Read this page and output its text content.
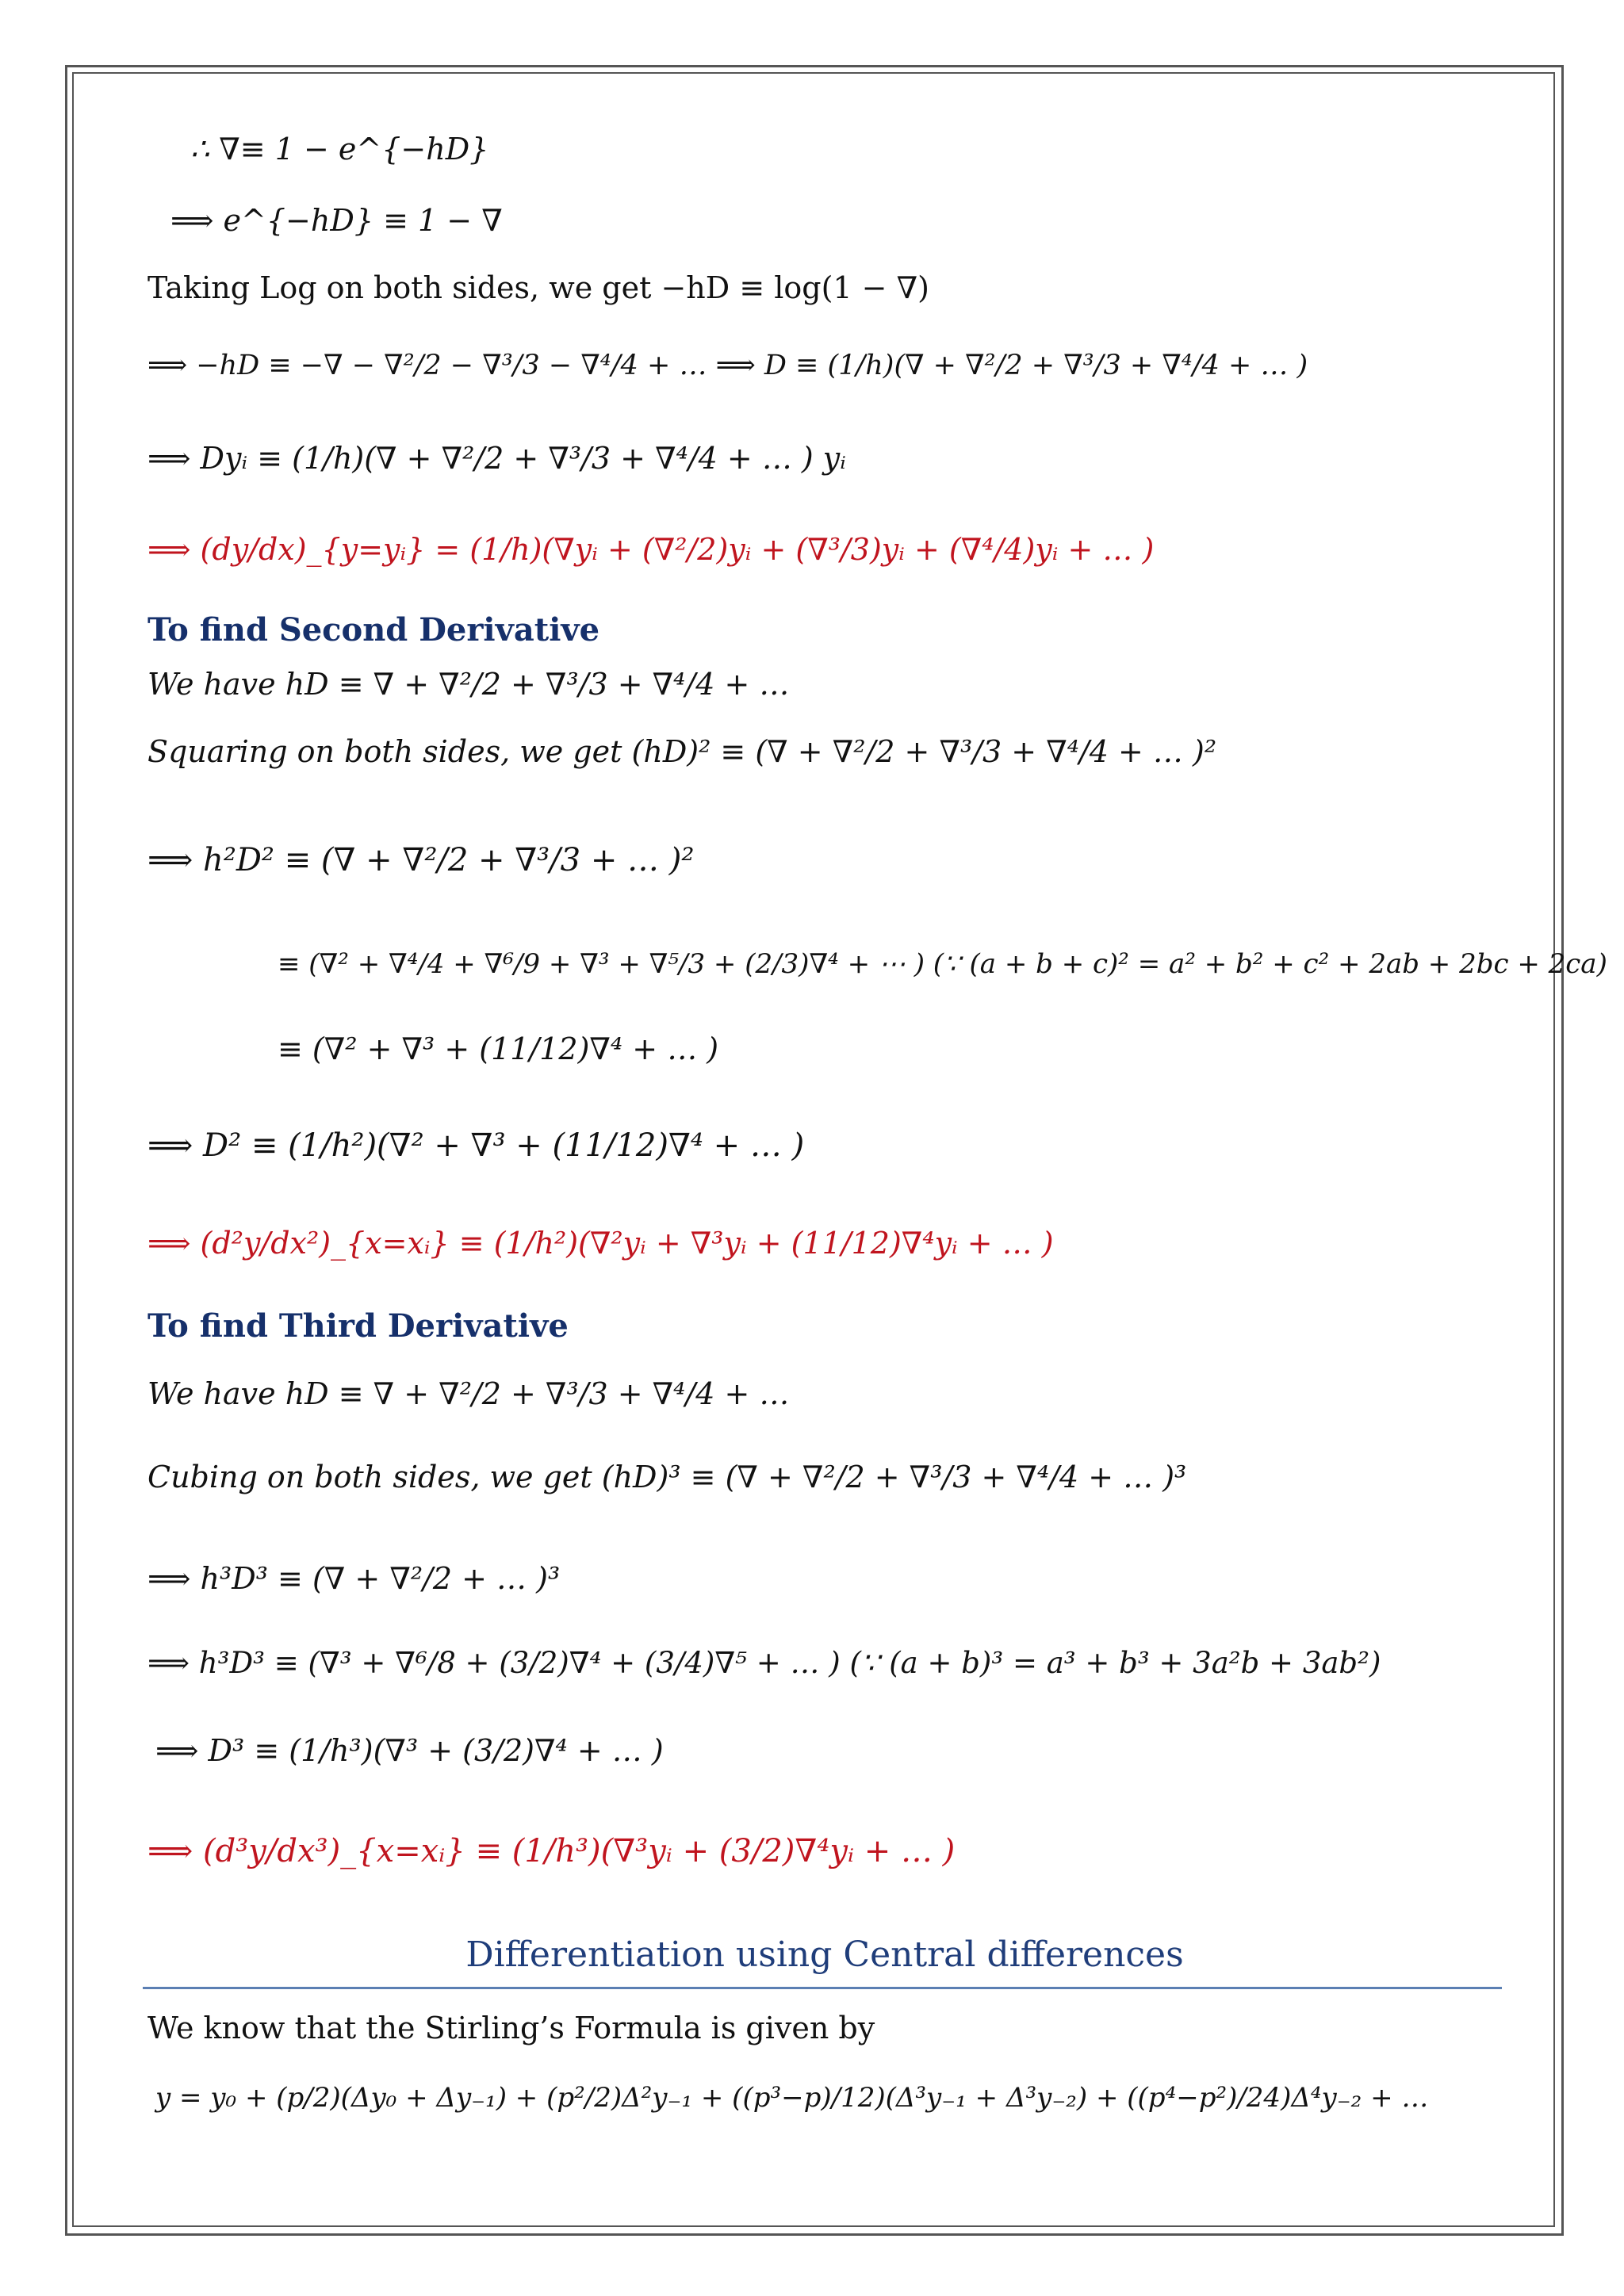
∴ ∇≡ 1 − e^{−hD}
⟹ e^{−hD} ≡ 1 − ∇
Taking Log on both sides, we get −hD ≡ log(1 − ∇)
⟹ −hD ≡ −∇ − ∇²/2 − ∇³/3 − ∇⁴/4 + … ⟹ D ≡ (1/h)(∇ + ∇²/2 + ∇³/3 + ∇⁴/4 + … )
⟹ Dyᵢ ≡ (1/h)(∇ + ∇²/2 + ∇³/3 + ∇⁴/4 + … ) yᵢ
⟹ (dy/dx)_{y=yᵢ} = (1/h)(∇yᵢ + (∇²/2)yᵢ + (∇³/3)yᵢ + (∇⁴/4)yᵢ + … )
To find Second Derivative
We have hD ≡ ∇ + ∇²/2 + ∇³/3 + ∇⁴/4 + …
Squaring on both sides, we get (hD)² ≡ (∇ + ∇²/2 + ∇³/3 + ∇⁴/4 + … )²
⟹ h²D² ≡ (∇ + ∇²/2 + ∇³/3 + … )²
≡ (∇² + ∇⁴/4 + ∇⁶/9 + ∇³ + ∇⁵/3 + (2/3)∇⁴ + ⋯ ) (∵ (a + b + c)² = a² + b² + c² + 2ab + 2bc + 2ca)
≡ (∇² + ∇³ + (11/12)∇⁴ + … )
⟹ D² ≡ (1/h²)(∇² + ∇³ + (11/12)∇⁴ + … )
⟹ (d²y/dx²)_{x=xᵢ} ≡ (1/h²)(∇²yᵢ + ∇³yᵢ + (11/12)∇⁴yᵢ + … )
To find Third Derivative
We have hD ≡ ∇ + ∇²/2 + ∇³/3 + ∇⁴/4 + …
Cubing on both sides, we get (hD)³ ≡ (∇ + ∇²/2 + ∇³/3 + ∇⁴/4 + … )³
⟹ h³D³ ≡ (∇ + ∇²/2 + … )³
⟹ h³D³ ≡ (∇³ + ∇⁶/8 + (3/2)∇⁴ + (3/4)∇⁵ + … ) (∵ (a + b)³ = a³ + b³ + 3a²b + 3ab²)
⟹ D³ ≡ (1/h³)(∇³ + (3/2)∇⁴ + … )
⟹ (d³y/dx³)_{x=xᵢ} ≡ (1/h³)(∇³yᵢ + (3/2)∇⁴yᵢ + … )
Differentiation using Central differences
We know that the Stirling’s Formula is given by
y = y₀ + (p/2)(Δy₀ + Δy₋₁) + (p²/2)Δ²y₋₁ + ((p³−p)/12)(Δ³y₋₁ + Δ³y₋₂) + ((p⁴−p²)/24)Δ⁴y₋₂ + …
